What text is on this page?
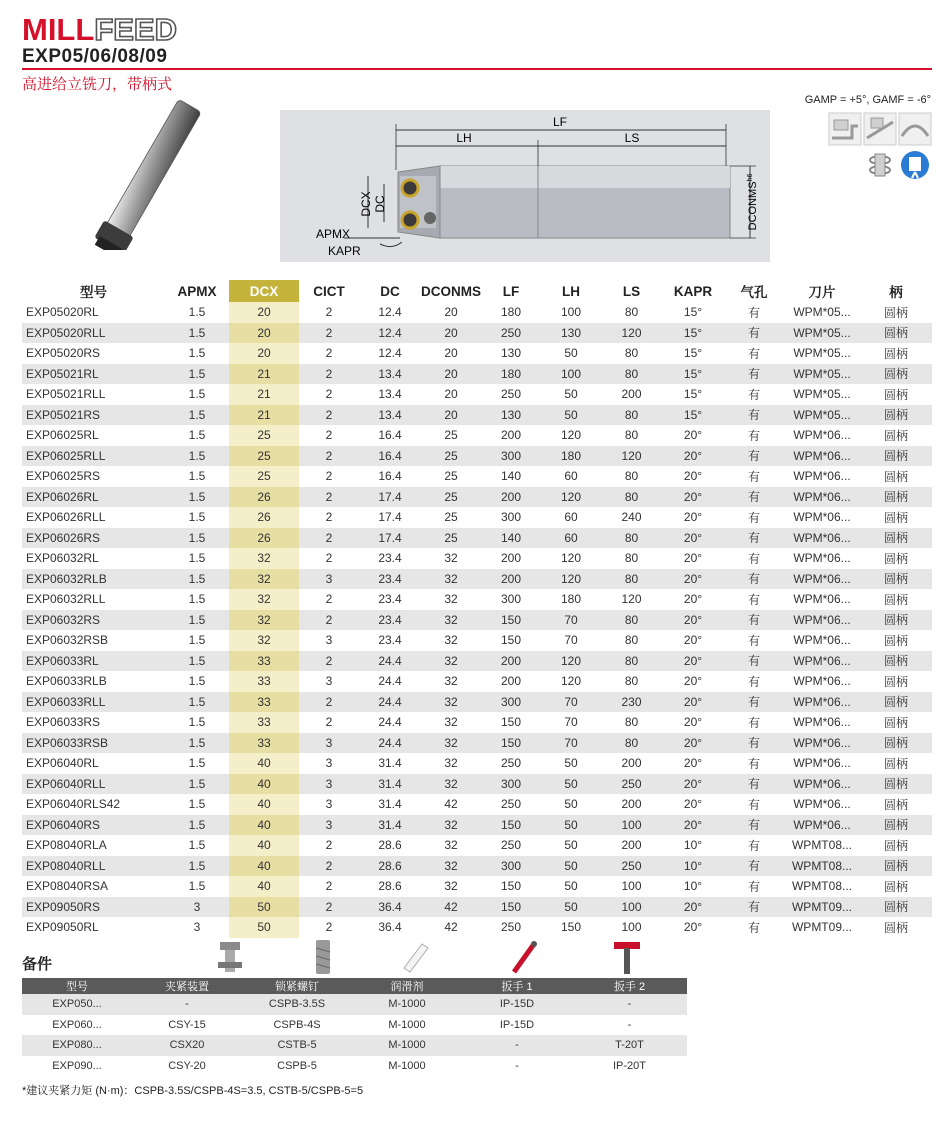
MILLFEED
EXP05/06/08/09
高进给立铣刀，带柄式
GAMP = +5°, GAMF = -6°
LF
LH	LS
DCX DC
APMX
KAPR
$DCONMS^{h6}$
型号	APMX	DCX	CICT	DC	DCONMS	LF	LH	LS	KAPR	气孔	刀片	柄
EXP05020RL	1.5	20	2	12.4	20	180	100	80	15°	有	WPM*05...	圆柄
EXP05020RLL	1.5	20	2	12.4	20	250	130	120	15°	有	WPM*05...	圆柄
EXP05020RS	1.5	20	2	12.4	20	130	50	80	15°	有	WPM*05...	圆柄
EXP05021RL	1.5	21	2	13.4	20	180	100	80	15°	有	WPM*05...	圆柄
EXP05021RLL	1.5	21	2	13.4	20	250	50	200	15°	有	WPM*05...	圆柄
EXP05021RS	1.5	21	2	13.4	20	130	50	80	15°	有	WPM*05...	圆柄
EXP06025RL	1.5	25	2	16.4	25	200	120	80	20°	有	WPM*06...	圆柄
EXP06025RLL	1.5	25	2	16.4	25	300	180	120	20°	有	WPM*06...	圆柄
EXP06025RS	1.5	25	2	16.4	25	140	60	80	20°	有	WPM*06...	圆柄
EXP06026RL	1.5	26	2	17.4	25	200	120	80	20°	有	WPM*06...	圆柄
EXP06026RLL	1.5	26	2	17.4	25	300	60	240	20°	有	WPM*06...	圆柄
EXP06026RS	1.5	26	2	17.4	25	140	60	80	20°	有	WPM*06...	圆柄
EXP06032RL	1.5	32	2	23.4	32	200	120	80	20°	有	WPM*06...	圆柄
EXP06032RLB	1.5	32	3	23.4	32	200	120	80	20°	有	WPM*06...	圆柄
EXP06032RLL	1.5	32	2	23.4	32	300	180	120	20°	有	WPM*06...	圆柄
EXP06032RS	1.5	32	2	23.4	32	150	70	80	20°	有	WPM*06...	圆柄
EXP06032RSB	1.5	32	3	23.4	32	150	70	80	20°	有	WPM*06...	圆柄
EXP06033RL	1.5	33	2	24.4	32	200	120	80	20°	有	WPM*06...	圆柄
EXP06033RLB	1.5	33	3	24.4	32	200	120	80	20°	有	WPM*06...	圆柄
EXP06033RLL	1.5	33	2	24.4	32	300	70	230	20°	有	WPM*06...	圆柄
EXP06033RS	1.5	33	2	24.4	32	150	70	80	20°	有	WPM*06...	圆柄
EXP06033RSB	1.5	33	3	24.4	32	150	70	80	20°	有	WPM*06...	圆柄
EXP06040RL	1.5	40	3	31.4	32	250	50	200	20°	有	WPM*06...	圆柄
EXP06040RLL	1.5	40	3	31.4	32	300	50	250	20°	有	WPM*06...	圆柄
EXP06040RLS42	1.5	40	3	31.4	42	250	50	200	20°	有	WPM*06...	圆柄
EXP06040RS	1.5	40	3	31.4	32	150	50	100	20°	有	WPM*06...	圆柄
EXP08040RLA	1.5	40	2	28.6	32	250	50	200	10°	有	WPMT08...	圆柄
EXP08040RLL	1.5	40	2	28.6	32	300	50	250	10°	有	WPMT08...	圆柄
EXP08040RSA	1.5	40	2	28.6	32	150	50	100	10°	有	WPMT08...	圆柄
EXP09050RS	3	50	2	36.4	42	150	50	100	20°	有	WPMT09...	圆柄
EXP09050RL	3	50	2	36.4	42	250	150	100	20°	有	WPMT09...	圆柄
备件
型号	夹紧装置	锁紧螺钉	润滑剂	扳手 1	扳手 2
EXP050...	-	CSPB-3.5S	M-1000	IP-15D	-
EXP060...	CSY-15	CSPB-4S	M-1000	IP-15D	-
EXP080...	CSX20	CSTB-5	M-1000	-	T-20T
EXP090...	CSY-20	CSPB-5	M-1000	-	IP-20T
*建议夹紧力矩 (N·m)：CSPB-3.5S/CSPB-4S=3.5, CSTB-5/CSPB-5=5
